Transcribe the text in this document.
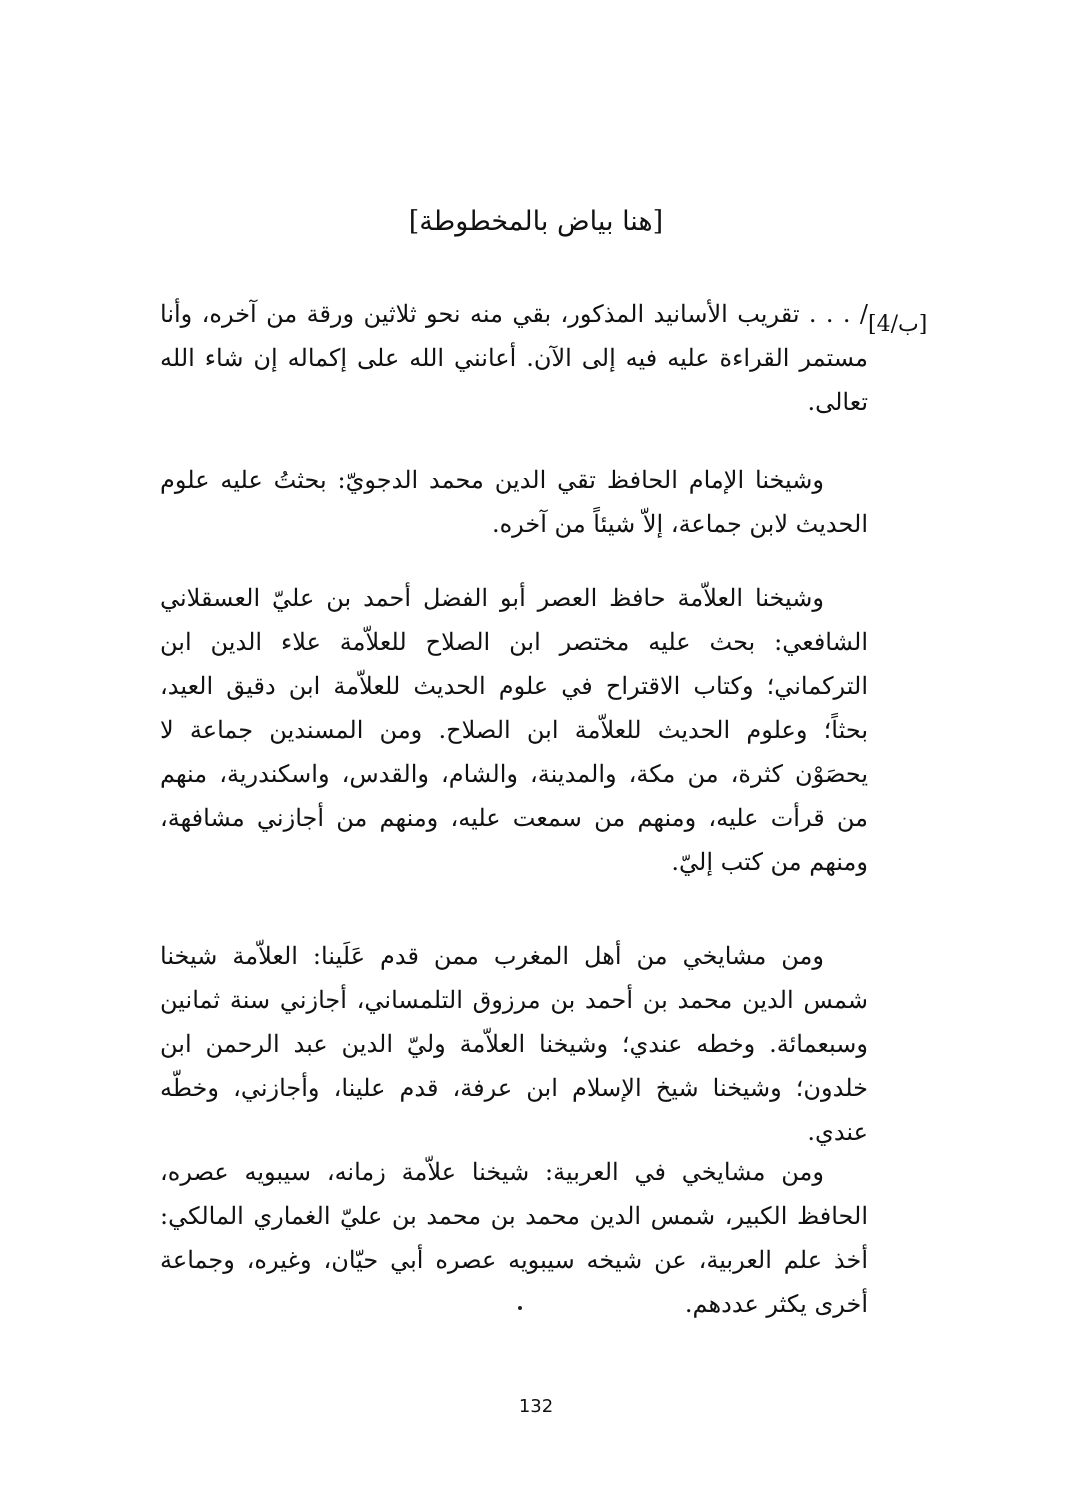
[هنا بياض بالمخطوطة]
[4/ب]

/ . . . تقريب الأسانيد المذكور، بقي منه نحو ثلاثين ورقة من آخره، وأنا مستمر القراءة عليه فيه إلى الآن. أعانني الله على إكماله إن شاء الله تعالى.

وشيخنا الإمام الحافظ تقي الدين محمد الدجويّ: بحثتُ عليه علوم الحديث لابن جماعة، إلاّ شيئاً من آخره.

وشيخنا العلاّمة حافظ العصر أبو الفضل أحمد بن عليّ العسقلاني الشافعي: بحث عليه مختصر ابن الصلاح للعلاّمة علاء الدين ابن التركماني؛ وكتاب الاقتراح في علوم الحديث للعلاّمة ابن دقيق العيد، بحثاً؛ وعلوم الحديث للعلاّمة ابن الصلاح. ومن المسندين جماعة لا يحصَوْن كثرة، من مكة، والمدينة، والشام، والقدس، واسكندرية، منهم من قرأت عليه، ومنهم من سمعت عليه، ومنهم من أجازني مشافهة، ومنهم من كتب إليّ.

ومن مشايخي من أهل المغرب ممن قدم عَلَينا: العلاّمة شيخنا شمس الدين محمد بن أحمد بن مرزوق التلمساني، أجازني سنة ثمانين وسبعمائة. وخطه عندي؛ وشيخنا العلاّمة وليّ الدين عبد الرحمن ابن خلدون؛ وشيخنا شيخ الإسلام ابن عرفة، قدم علينا، وأجازني، وخطّه عندي.

ومن مشايخي في العربية: شيخنا علاّمة زمانه، سيبويه عصره، الحافظ الكبير، شمس الدين محمد بن محمد بن عليّ الغماري المالكي: أخذ علم العربية، عن شيخه سيبويه عصره أبي حيّان، وغيره، وجماعة أخرى يكثر عددهم.

132
